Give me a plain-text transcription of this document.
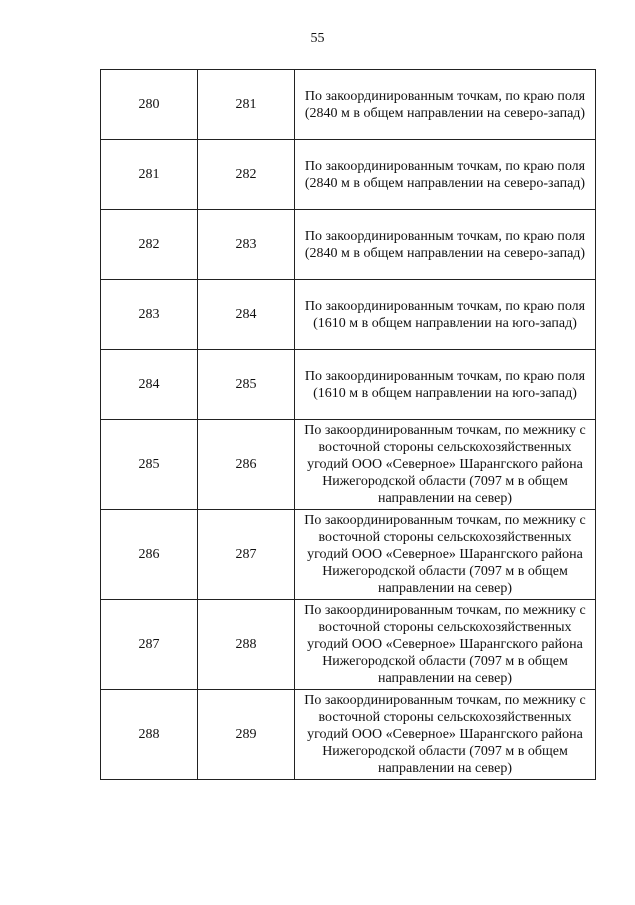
55
280	281	По закоординированным точкам, по краю поля (2840 м в общем направлении на северо-запад)
281	282	По закоординированным точкам, по краю поля (2840 м в общем направлении на северо-запад)
282	283	По закоординированным точкам, по краю поля (2840 м в общем направлении на северо-запад)
283	284	По закоординированным точкам, по краю поля (1610 м в общем направлении на юго-запад)
284	285	По закоординированным точкам, по краю поля (1610 м в общем направлении на юго-запад)
285	286	По закоординированным точкам, по межнику с восточной стороны сельскохозяйственных угодий ООО «Северное» Шарангского района Нижегородской области (7097 м в общем направлении на север)
286	287	По закоординированным точкам, по межнику с восточной стороны сельскохозяйственных угодий ООО «Северное» Шарангского района Нижегородской области (7097 м в общем направлении на север)
287	288	По закоординированным точкам, по межнику с восточной стороны сельскохозяйственных угодий ООО «Северное» Шарангского района Нижегородской области (7097 м в общем направлении на север)
288	289	По закоординированным точкам, по межнику с восточной стороны сельскохозяйственных угодий ООО «Северное» Шарангского района Нижегородской области (7097 м в общем направлении на север)
